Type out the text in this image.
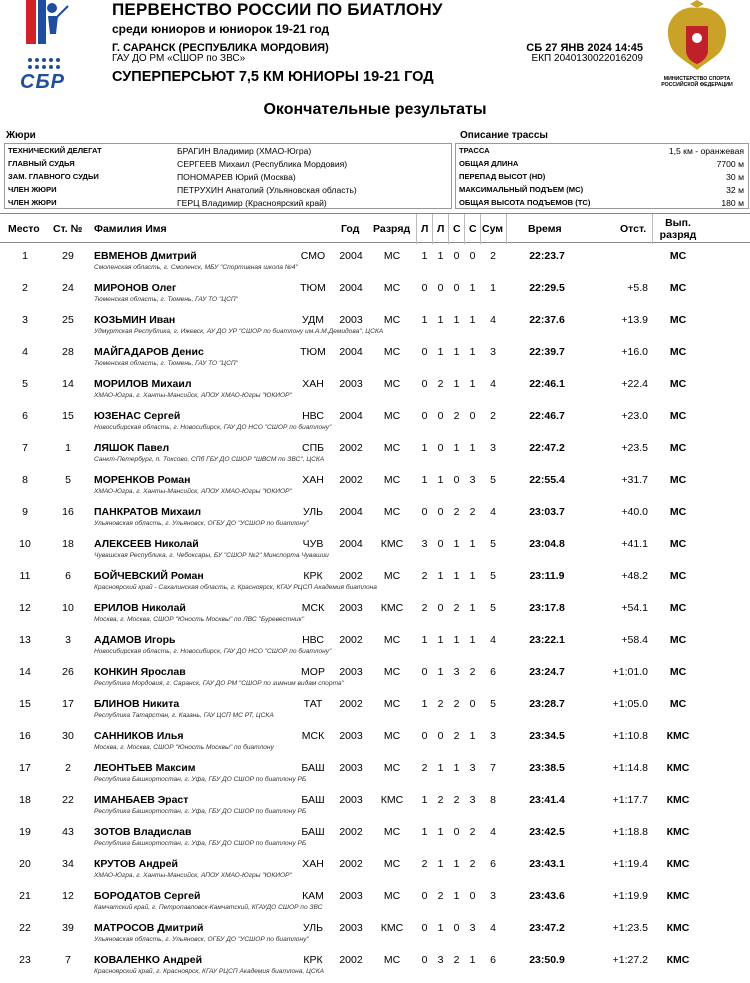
СБР
ПЕРВЕНСТВО РОССИИ ПО БИАТЛОНУ
среди юниоров и юниорок 19-21 год
Г. САРАНСК (РЕСПУБЛИКА МОРДОВИЯ)
ГАУ ДО РМ «СШОР по ЗВС»
СБ 27 ЯНВ 2024 14:45
ЕКП 2040130022016209
СУПЕРПЕРСЬЮТ 7,5 КМ ЮНИОРЫ 19-21 ГОД	МИНИСТЕРСТВО СПОРТА РОССИЙСКОЙ ФЕДЕРАЦИИ
Окончательные результаты
Жюри
ТЕХНИЧЕСКИЙ ДЕЛЕГАТ	БРАГИН Владимир (ХМАО-Югра)
ГЛАВНЫЙ СУДЬЯ	СЕРГЕЕВ Михаил (Республика Мордовия)
ЗАМ. ГЛАВНОГО СУДЬИ	ПОНОМАРЕВ Юрий (Москва)
ЧЛЕН ЖЮРИ	ПЕТРУХИН Анатолий (Ульяновская область)
ЧЛЕН ЖЮРИ	ГЕРЦ Владимир (Красноярский край)
Описание трассы
ТРАССА	1,5 км - оранжевая
ОБЩАЯ ДЛИНА	7700 м
ПЕРЕПАД ВЫСОТ (HD)	30 м
МАКСИМАЛЬНЫЙ ПОДЪЕМ (MC)	32 м
ОБЩАЯ ВЫСОТА ПОДЪЕМОВ (TC)	180 м
Место Ст. № Фамилия Имя	Год Разряд Л Л С С Сум Время	Отст.	Вып. разряд
1	29	ЕВМЕНОВ Дмитрий	СМО	2004	МС	1 1 0 0	2	22:23.7	МС
Смоленская область, г. Смоленск, МБУ "Спортивная школа №4"
2	24	МИРОНОВ Олег	ТЮМ	2004	МС	0 0 0 1	1	22:29.5	+5.8	МС
Тюменская область, г. Тюмень, ГАУ ТО "ЦСП"
3	25	КОЗЬМИН Иван	УДМ	2003	МС	1 1 1 1	4	22:37.6	+13.9	МС
Удмуртская Республика, г. Ижевск, АУ ДО УР "СШОР по биатлону им.А.М.Демидова", ЦСКА
4	28	МАЙГАДАРОВ Денис	ТЮМ	2004	МС	0 1 1 1	3	22:39.7	+16.0	МС
Тюменская область, г. Тюмень, ГАУ ТО "ЦСП"
5	14	МОРИЛОВ Михаил	ХАН	2003	МС	0 2 1 1	4	22:46.1	+22.4	МС
ХМАО-Югра, г. Ханты-Мансийск, АПОУ ХМАО-Югры "ЮКИОР"
6	15	ЮЗЕНАС Сергей	НВС	2004	МС	0 0 2 0	2	22:46.7	+23.0	МС
Новосибирская область, г. Новосибирск, ГАУ ДО НСО "СШОР по биатлону"
7	1	ЛЯШОК Павел	СПБ	2002	МС	1 0 1 1	3	22:47.2	+23.5	МС
Санкт-Петербург, п. Токсово, СПб ГБУ ДО СШОР "ШВСМ по ЗВС", ЦСКА
8	5	МОРЕНКОВ Роман	ХАН	2002	МС	1 1 0 3	5	22:55.4	+31.7	МС
ХМАО-Югра, г. Ханты-Мансийск, АПОУ ХМАО-Югры "ЮКИОР"
9	16	ПАНКРАТОВ Михаил	УЛЬ	2004	МС	0 0 2 2	4	23:03.7	+40.0	МС
Ульяновская область, г. Ульяновск, ОГБУ ДО "УСШОР по биатлону"
10	18	АЛЕКСЕЕВ Николай	ЧУВ	2004	КМС	3 0 1 1	5	23:04.8	+41.1	МС
Чувашская Республика, г. Чебоксары, БУ "СШОР №2" Минспорта Чувашии
11	6	БОЙЧЕВСКИЙ Роман	КРК	2002	МС	2 1 1 1	5	23:11.9	+48.2	МС
Красноярский край - Сахалинская область, г. Красноярск, КГАУ РЦСП Академия биатлона
12	10	ЕРИЛОВ Николай	МСК	2003	КМС	2 0 2 1	5	23:17.8	+54.1	МС
Москва, г. Москва, СШОР "Юность Москвы" по ЛВС "Буревестник"
13	3	АДАМОВ Игорь	НВС	2002	МС	1 1 1 1	4	23:22.1	+58.4	МС
Новосибирская область, г. Новосибирск, ГАУ ДО НСО "СШОР по биатлону"
14	26	КОНКИН Ярослав	МОР	2003	МС	0 1 3 2	6	23:24.7	+1:01.0	МС
Республика Мордовия, г. Саранск, ГАУ ДО РМ "СШОР по зимним видам спорта"
15	17	БЛИНОВ Никита	ТАТ	2002	МС	1 2 2 0	5	23:28.7	+1:05.0	МС
Республика Татарстан, г. Казань, ГАУ ЦСП МС РТ, ЦСКА
16	30	САННИКОВ Илья	МСК	2003	МС	0 0 2 1	3	23:34.5	+1:10.8	КМС
Москва, г. Москва, СШОР "Юность Москвы" по биатлону
17	2	ЛЕОНТЬЕВ Максим	БАШ	2003	МС	2 1 1 3	7	23:38.5	+1:14.8	КМС
Республика Башкортостан, г. Уфа, ГБУ ДО СШОР по биатлону РБ
18	22	ИМАНБАЕВ Эраст	БАШ	2003	КМС	1 2 2 3	8	23:41.4	+1:17.7	КМС
Республика Башкортостан, г. Уфа, ГБУ ДО СШОР по биатлону РБ
19	43	ЗОТОВ Владислав	БАШ	2002	МС	1 1 0 2	4	23:42.5	+1:18.8	КМС
Республика Башкортостан, г. Уфа, ГБУ ДО СШОР по биатлону РБ
20	34	КРУТОВ Андрей	ХАН	2002	МС	2 1 1 2	6	23:43.1	+1:19.4	КМС
ХМАО-Югра, г. Ханты-Мансийск, АПОУ ХМАО-Югры "ЮКИОР"
21	12	БОРОДАТОВ Сергей	КАМ	2003	МС	0 2 1 0	3	23:43.6	+1:19.9	КМС
Камчатский край, г. Петропавловск-Камчатский, КГАУДО СШОР по ЗВС
22	39	МАТРОСОВ Дмитрий	УЛЬ	2003	КМС	0 1 0 3	4	23:47.2	+1:23.5	КМС
Ульяновская область, г. Ульяновск, ОГБУ ДО "УСШОР по биатлону"
23	7	КОВАЛЕНКО Андрей	КРК	2002	МС	0 3 2 1	6	23:50.9	+1:27.2	КМС
Красноярский край, г. Красноярск, КГАУ РЦСП Академия биатлона, ЦСКА
